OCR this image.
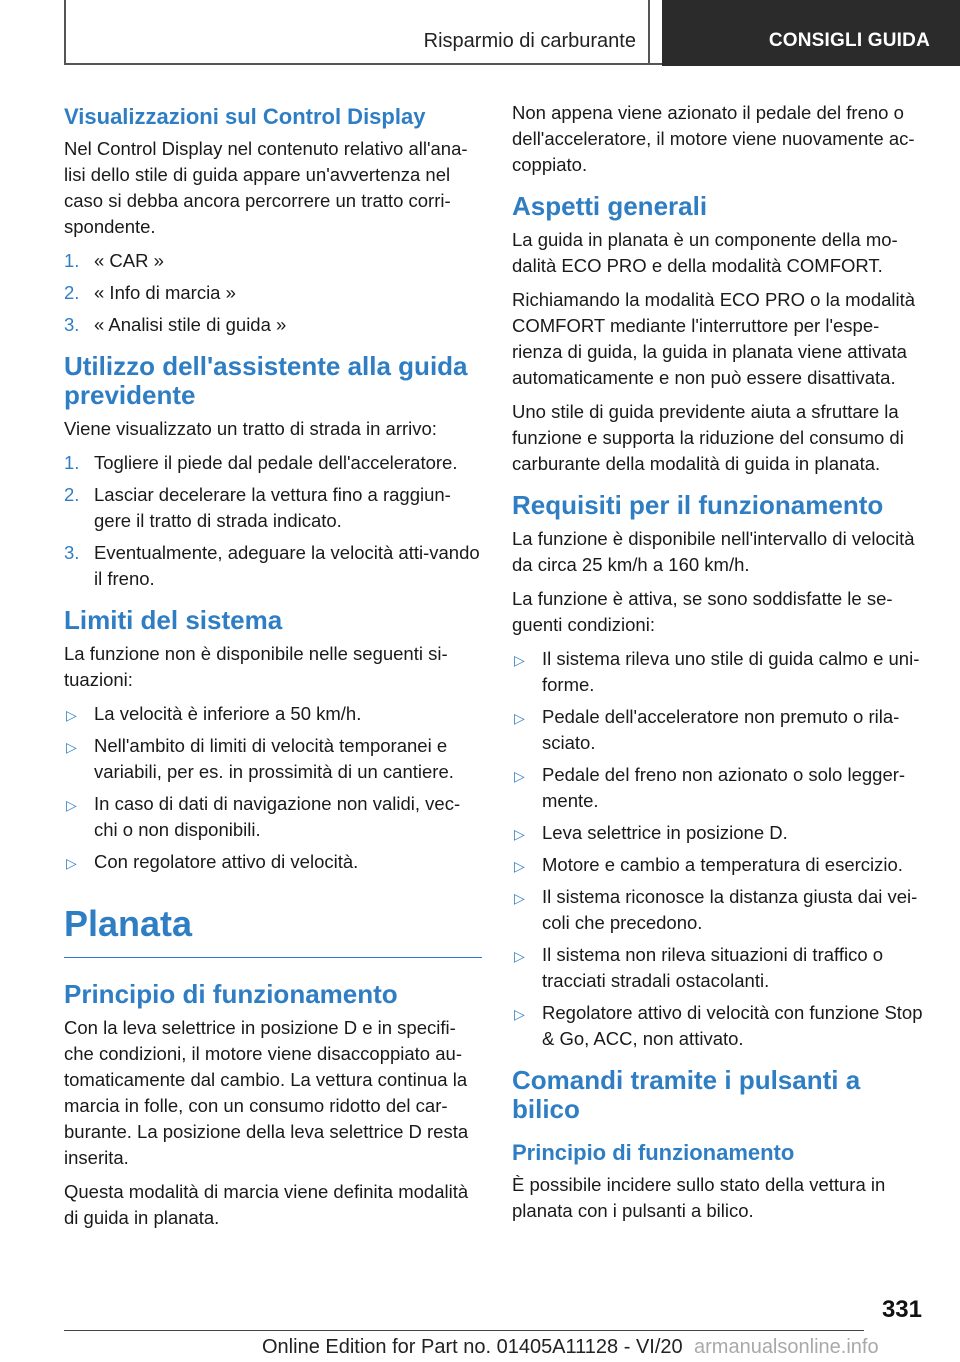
Risparmio di carburante	CONSIGLI GUIDA
Visualizzazioni sul Control Display

Nel Control Display nel contenuto relativo all'ana-lisi dello stile di guida appare un'avvertenza nel caso si debba ancora percorrere un tratto corri-spondente.

1. « CAR »
2. « Info di marcia »
3. « Analisi stile di guida »
Utilizzo dell'assistente alla guida previdente

Viene visualizzato un tratto di strada in arrivo:

1. Togliere il piede dal pedale dell'acceleratore.
2. Lasciar decelerare la vettura fino a raggiun-gere il tratto di strada indicato.
3. Eventualmente, adeguare la velocità atti-vando il freno.
Limiti del sistema

La funzione non è disponibile nelle seguenti si-tuazioni:

▷ La velocità è inferiore a 50 km/h.
▷ Nell'ambito di limiti di velocità temporanei e variabili, per es. in prossimità di un cantiere.
▷ In caso di dati di navigazione non validi, vec-chi o non disponibili.
▷ Con regolatore attivo di velocità.
Planata
Principio di funzionamento

Con la leva selettrice in posizione D e in specifi-che condizioni, il motore viene disaccoppiato au-tomaticamente dal cambio. La vettura continua la marcia in folle, con un consumo ridotto del car-burante. La posizione della leva selettrice D resta inserita.

Questa modalità di marcia viene definita modalità di guida in planata.

Non appena viene azionato il pedale del freno o dell'acceleratore, il motore viene nuovamente ac-coppiato.

Aspetti generali

La guida in planata è un componente della mo-dalità ECO PRO e della modalità COMFORT.

Richiamando la modalità ECO PRO o la modalità COMFORT mediante l'interruttore per l'espe-rienza di guida, la guida in planata viene attivata automaticamente e non può essere disattivata.

Uno stile di guida previdente aiuta a sfruttare la funzione e supporta la riduzione del consumo di carburante della modalità di guida in planata.

Requisiti per il funzionamento

La funzione è disponibile nell'intervallo di velocità da circa 25 km/h a 160 km/h.

La funzione è attiva, se sono soddisfatte le se-guenti condizioni:

▷ Il sistema rileva uno stile di guida calmo e uni-forme.
▷ Pedale dell'acceleratore non premuto o rila-sciato.
▷ Pedale del freno non azionato o solo legger-mente.
▷ Leva selettrice in posizione D.
▷ Motore e cambio a temperatura di esercizio.
▷ Il sistema riconosce la distanza giusta dai vei-coli che precedono.
▷ Il sistema non rileva situazioni di traffico o tracciati stradali ostacolanti.
▷ Regolatore attivo di velocità con funzione Stop & Go, ACC, non attivato.
Comandi tramite i pulsanti a bilico
Principio di funzionamento

È possibile incidere sullo stato della vettura in planata con i pulsanti a bilico.

331
Online Edition for Part no. 01405A11128 - VI/20 armanualsonline.info
